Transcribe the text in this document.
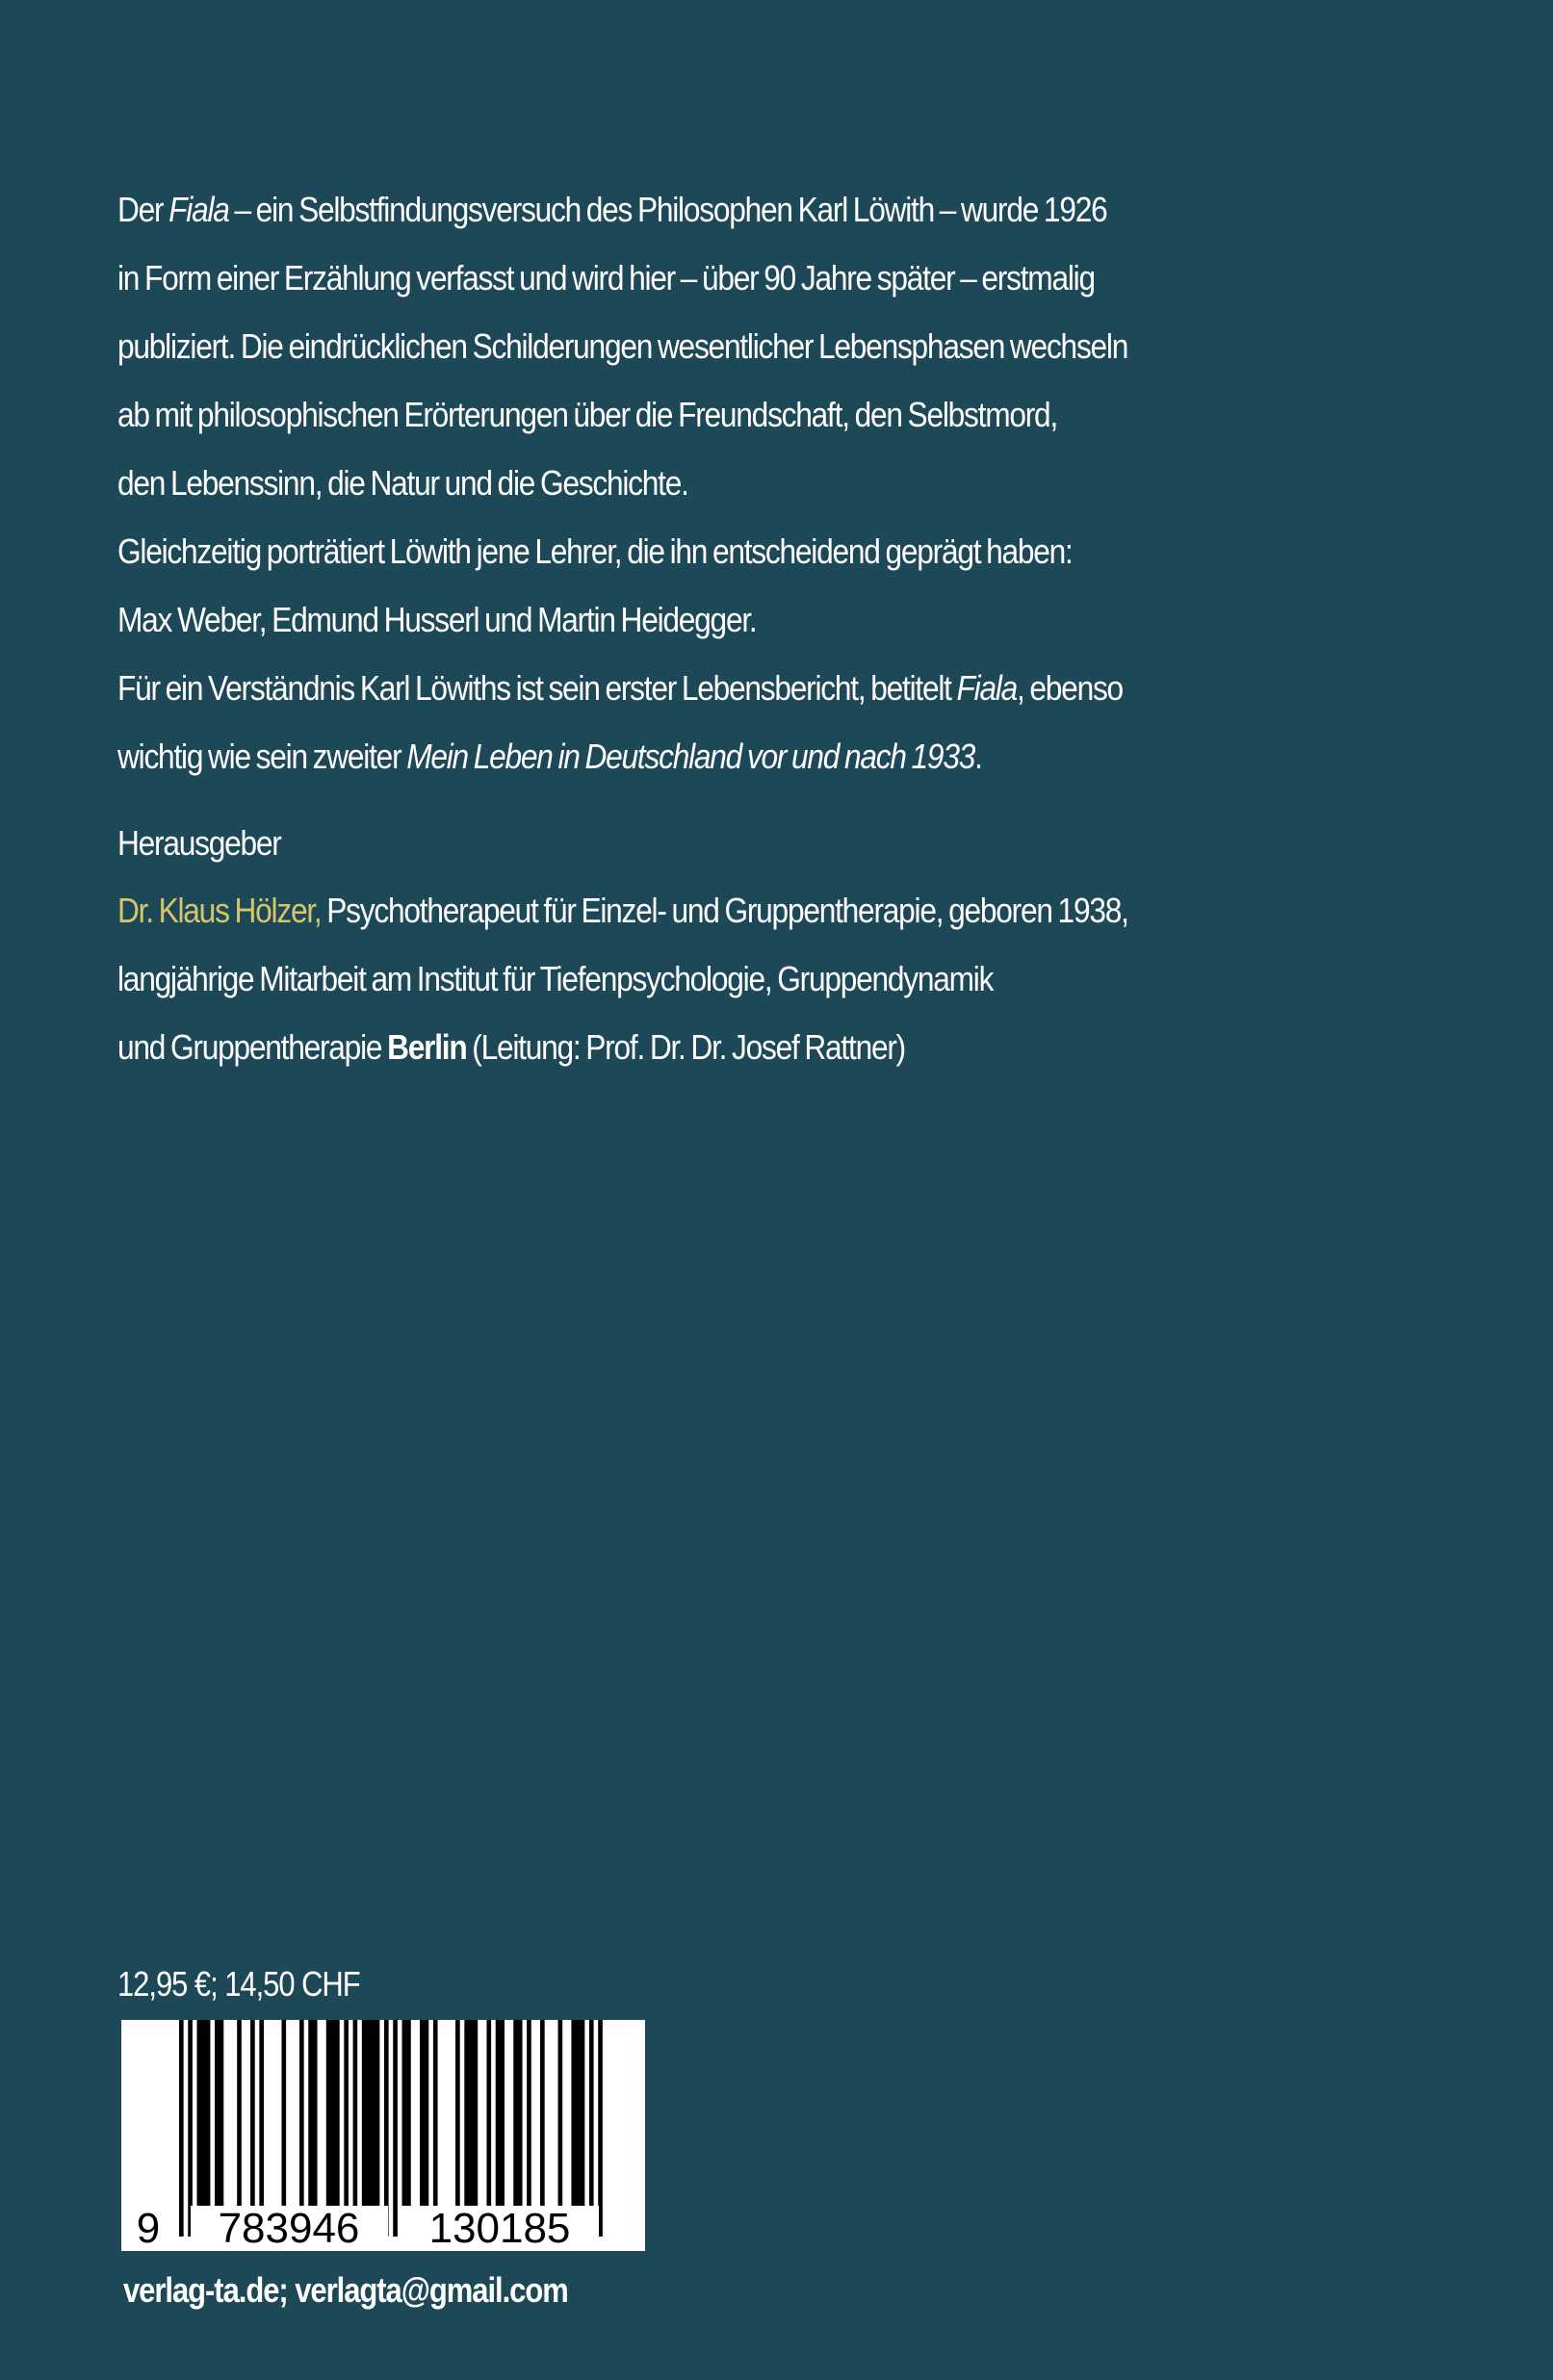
Der Fiala – ein Selbstfindungsversuch des Philosophen Karl Löwith – wurde 1926

in Form einer Erzählung verfasst und wird hier – über 90 Jahre später – erstmalig

publiziert. Die eindrücklichen Schilderungen wesentlicher Lebensphasen wechseln

ab mit philosophischen Erörterungen über die Freundschaft, den Selbstmord,

den Lebenssinn, die Natur und die Geschichte.

Gleichzeitig porträtiert Löwith jene Lehrer, die ihn entscheidend geprägt haben:

Max Weber, Edmund Husserl und Martin Heidegger.

Für ein Verständnis Karl Löwiths ist sein erster Lebensbericht, betitelt Fiala, ebenso

wichtig wie sein zweiter Mein Leben in Deutschland vor und nach 1933.

Herausgeber

Dr. Klaus Hölzer, Psychotherapeut für Einzel- und Gruppentherapie, geboren 1938,

langjährige Mitarbeit am Institut für Tiefenpsychologie, Gruppendynamik

und Gruppentherapie Berlin (Leitung: Prof. Dr. Dr. Josef Rattner)

12,95 €; 14,50 CHF
9 783946 130185
verlag-ta.de; verlagta@gmail.com
